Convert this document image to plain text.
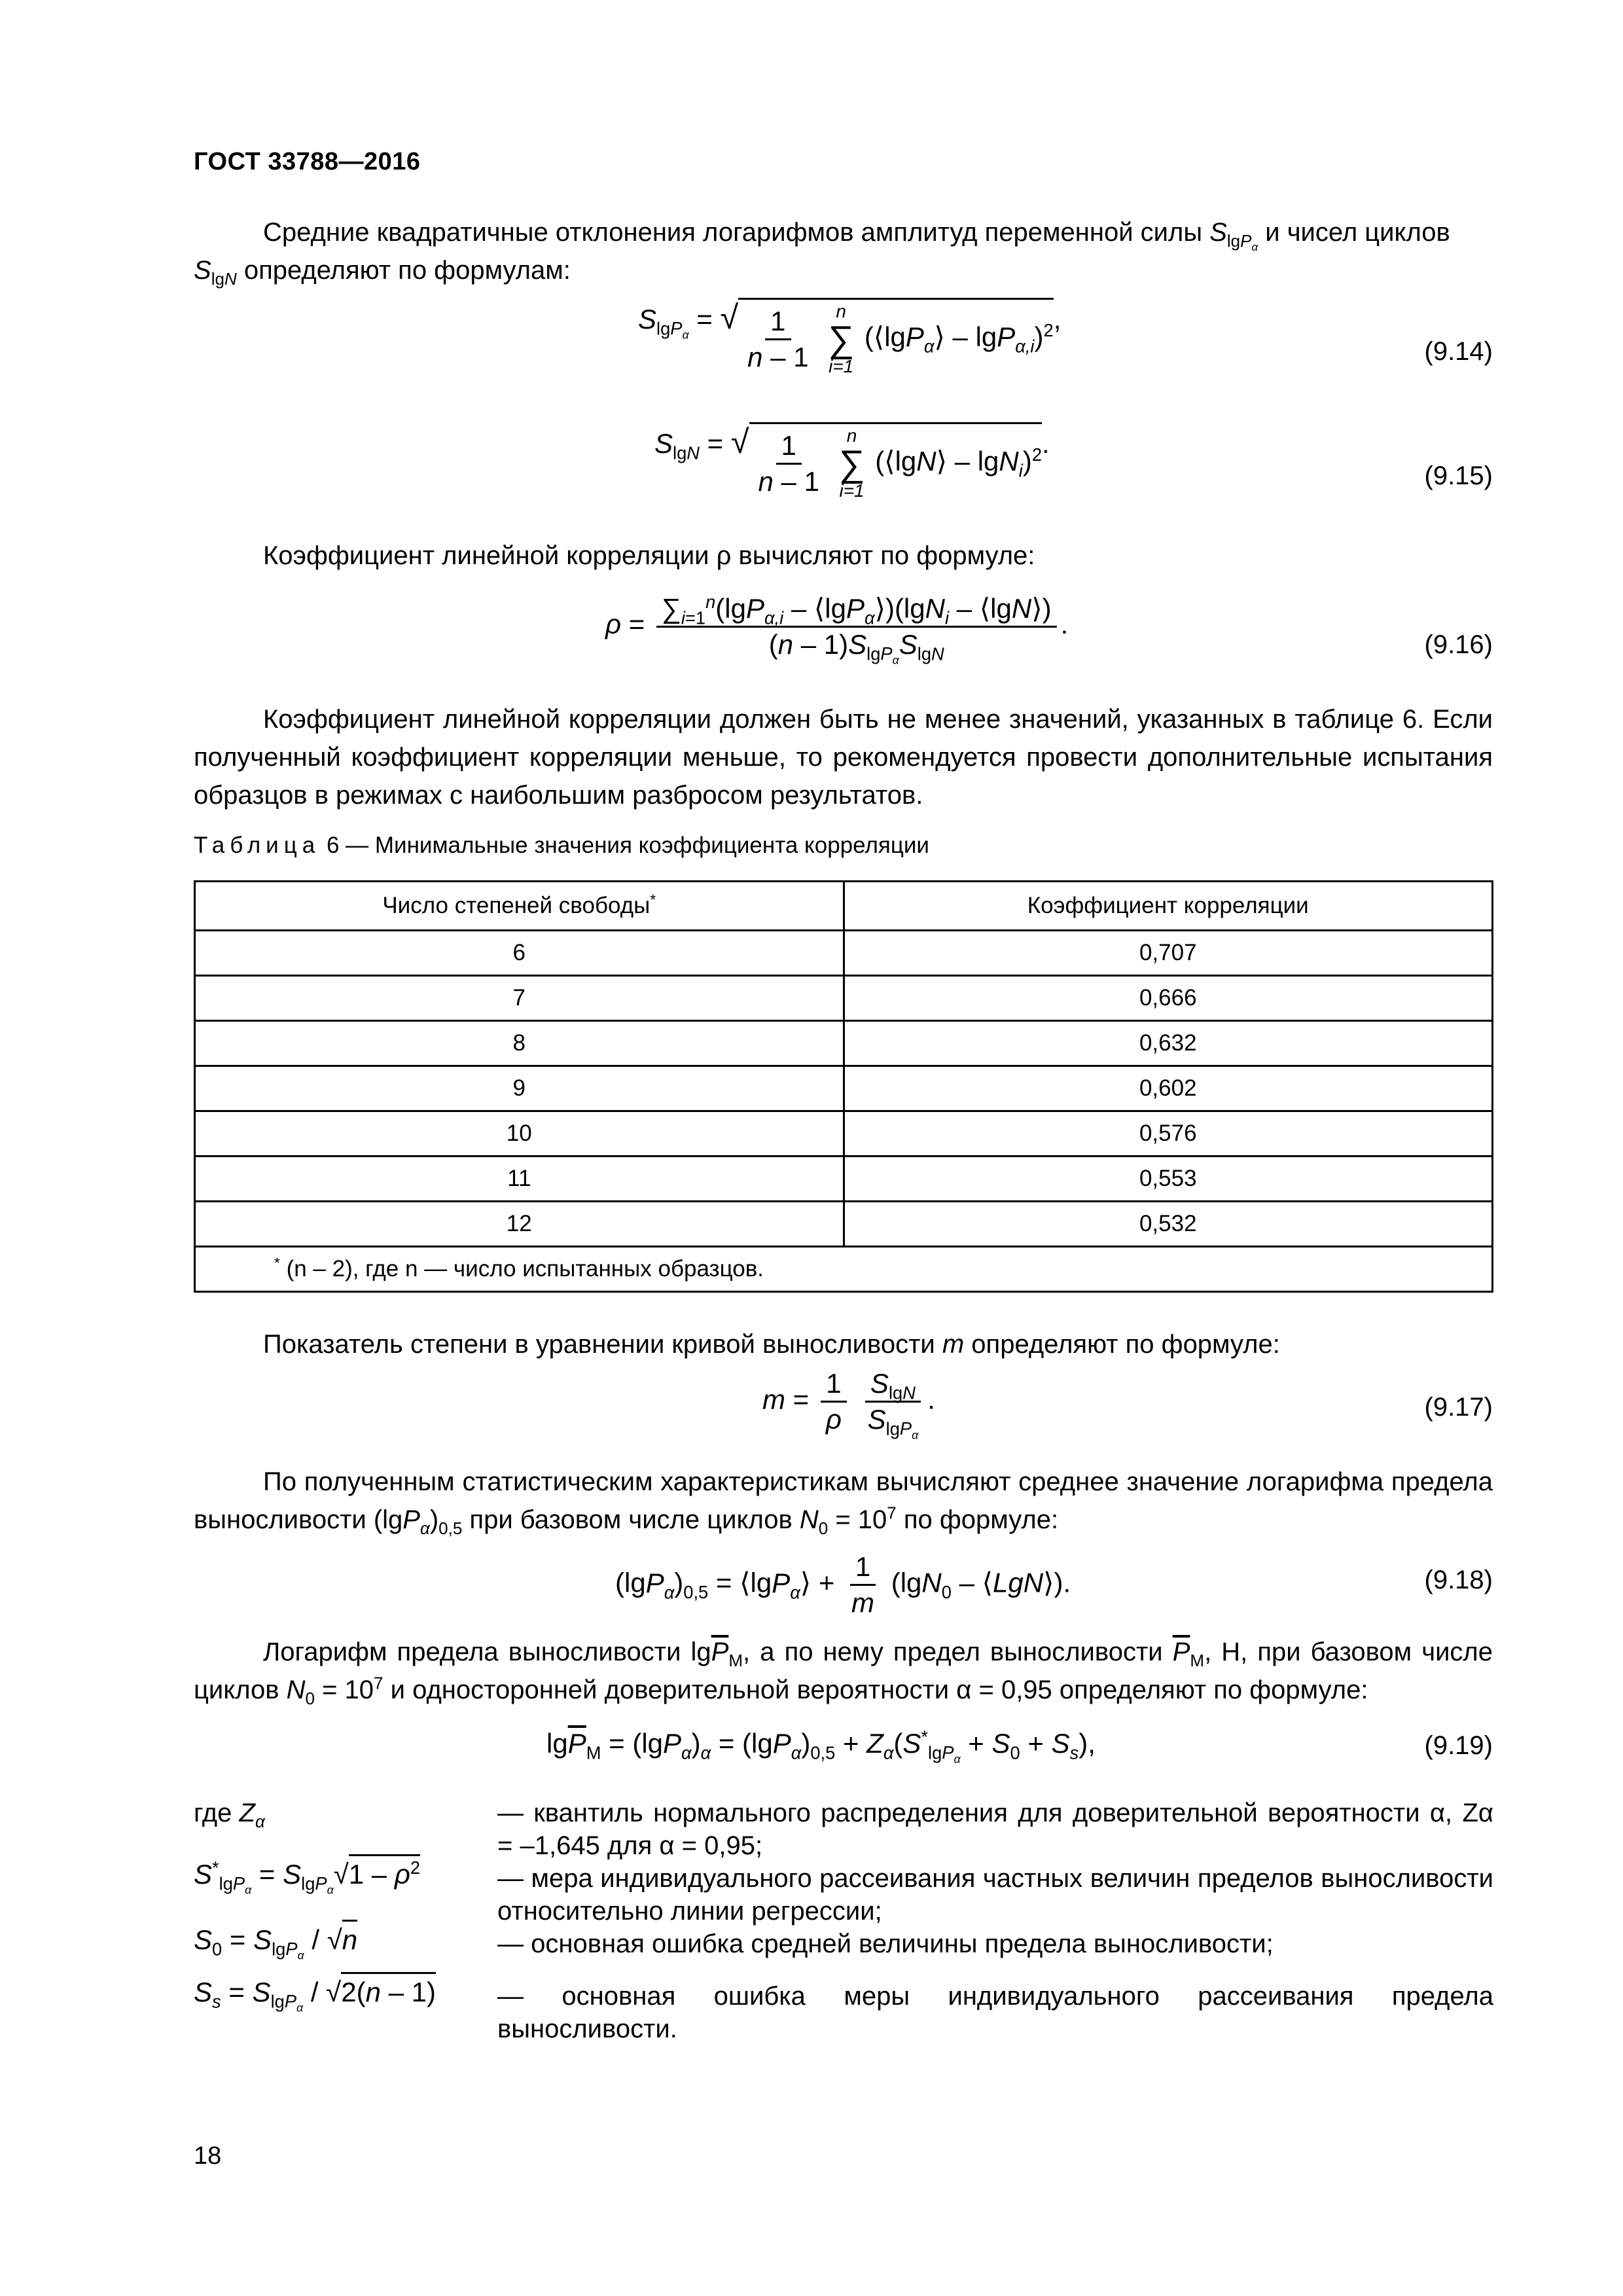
ГОСТ 33788—2016
Средние квадратичные отклонения логарифмов амплитуд переменной силы $S_{lgP_\alpha}$ и чисел циклов
$S_{lgN}$ определяют по формулам:
$S_{lgP_\alpha}$ = √ $\frac{1}{n - 1}$
n
∑
i=1
(⟨lgP$_\alpha$⟩ – lgP$_{\alpha,i}$)$^2$ ,
(9.14)
$S_{lgN}$ = √ $\frac{1}{n - 1}$
n
∑
i=1
(⟨lgN⟩ – lgN$_i$)$^2$ .
(9.15)
Коэффициент линейной корреляции ρ вычисляют по формуле:
$\rho = \frac{\sum_{i=1}^n(\lg P_{\alpha,i} - ⟨\lg P_\alpha⟩)(\lg N_i - ⟨\lg N⟩)}{(n - 1)S_{lgP_\alpha}S_{lgN}}$ .
(9.16)
Коэффициент линейной корреляции должен быть не менее значений, указанных в таблице 6. Если полученный коэффициент корреляции меньше, то рекомендуется провести дополнительные испытания образцов в режимах с наибольшим разбросом результатов.
Таблица 6 — Минимальные значения коэффициента корреляции
Число степеней свободы*	Коэффициент корреляции
6	0,707
7	0,666
8	0,632
9	0,602
10	0,576
11	0,553
12	0,532
* (n – 2), где n — число испытанных образцов.	
Показатель степени в уравнении кривой выносливости m определяют по формуле:
$m = \frac{1}{\rho}$
$\frac{S_{lgN}}{S_{lgP_\alpha}}$ .	(9.17)
По полученным статистическим характеристикам вычисляют среднее значение логарифма предела выносливости $(\lg P_\alpha)_{0,5}$ при базовом числе циклов $N_0 = 10^7$ по формуле:
$(\lg P_\alpha)_{0,5}$ = ⟨lgP$_\alpha$⟩ + $\frac{1}{m} (\lg N_0$ – ⟨LgN⟩).	(9.18)
Логарифм предела выносливости $\lg\overline{P}_М$, а по нему предел выносливости $\overline{P}_М$, Н, при базовом числе циклов $N_0 = 10^7$ и односторонней доверительной вероятности α = 0,95 определяют по формуле:
$\lg\overline{P}_М = (\lg P_\alpha)_\alpha = (\lg P_\alpha)_{0,5} + Z_\alpha(S^*_{lgP_\alpha} + S_0 + S_s)$,	(9.19)
где $Z_\alpha$	— квантиль нормального распределения для доверительной вероятности α, Zα = –1,645 для α = 0,95;
$S^*_{lgP_\alpha} = S_{lgP_\alpha}√1 - \rho^2$	— мера индивидуального рассеивания частных величин пределов выносливости относительно линии регрессии;
$S_0 = S_{lgP_\alpha} / √n$	— основная ошибка средней величины предела выносливости;
$S_s = S_{lgP_\alpha} / √2(n - 1)$ — основная ошибка меры индивидуального рассеивания предела выносливости.
18
